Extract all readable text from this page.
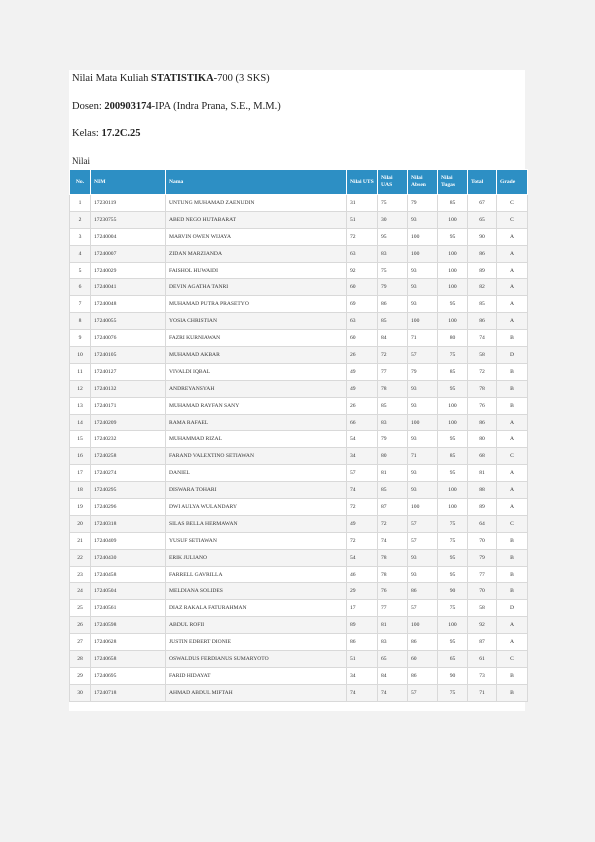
Nilai Mata Kuliah STATISTIKA-700 (3 SKS)
Dosen: 200903174-IPA (Indra Prana, S.E., M.M.)
Kelas: 17.2C.25
Nilai
No.	NIM	Nama	Nilai UTS	Nilai UAS	Nilai Absen	Nilai Tugas	Total	Grade
1	17230119	UNTUNG MUHAMAD ZAENUDIN	31	75	79	85	67	C
2	17230755	ABED NEGO HUTABARAT	51	30	93	100	65	C
3	17240004	MARVIN OWEN WIJAYA	72	95	100	95	90	A
4	17240007	ZIDAN MARZIANDA	63	83	100	100	86	A
5	17240029	FAISHOL HUWAIDI	92	75	93	100	89	A
6	17240041	DEVIN AGATHA TANRI	60	79	93	100	82	A
7	17240048	MUHAMAD PUTRA PRASETYO	69	86	93	95	85	A
8	17240055	YOSIA CHRISTIAN	63	85	100	100	86	A
9	17240076	FAZRI KURNIAWAN	60	84	71	80	74	B
10	17240105	MUHAMAD AKBAR	26	72	57	75	58	D
11	17240127	VIVALDI IQBAL	49	77	79	85	72	B
12	17240132	ANDREYANSYAH	49	78	93	95	78	B
13	17240171	MUHAMAD RAYFAN SANY	26	85	93	100	76	B
14	17240209	RAMA RAFAEL	66	83	100	100	86	A
15	17240232	MUHAMMAD RIZAL	54	79	93	95	80	A
16	17240258	FARAND VALEXTINO SETIAWAN	34	80	71	85	68	C
17	17240274	DANIEL	57	81	93	95	81	A
18	17240295	DISWARA TOHARI	74	85	93	100	88	A
19	17240296	DWI AULYA WULANDARY	72	87	100	100	89	A
20	17240318	SILAS BELLA HERMAWAN	49	72	57	75	64	C
21	17240409	YUSUF SETIAWAN	72	74	57	75	70	B
22	17240430	ERIK JULIANO	54	78	93	95	79	B
23	17240458	FARRELL GAVRILLA	46	78	93	95	77	B
24	17240504	MELDIANA SOLIDES	29	76	86	90	70	B
25	17240561	DIAZ RAKALA FATURAHMAN	17	77	57	75	58	D
26	17240598	ABDUL ROFII	89	81	100	100	92	A
27	17240628	JUSTIN EDBERT DIONIE	86	83	86	95	87	A
28	17240658	OSWALDUS FERDIANUS SUMARYOTO	51	65	60	65	61	C
29	17240695	FARID HIDAYAT	34	84	86	90	73	B
30	17240718	AHMAD ABDUL MIFTAH	74	74	57	75	71	B
